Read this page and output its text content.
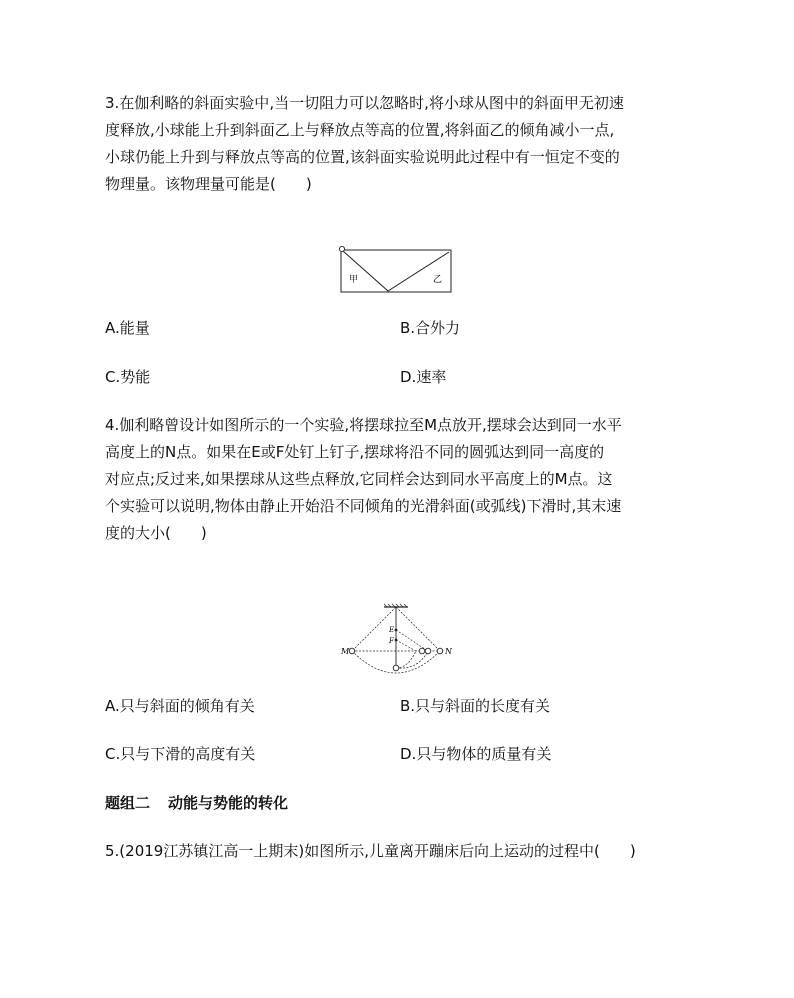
3.在伽利略的斜面实验中,当一切阻力可以忽略时,将小球从图中的斜面甲无初速
度释放,小球能上升到斜面乙上与释放点等高的位置,将斜面乙的倾角减小一点,
小球仍能上升到与释放点等高的位置,该斜面实验说明此过程中有一恒定不变的
物理量。该物理量可能是(　　)
甲	乙
A.能量	B.合外力
C.势能	D.速率
4.伽利略曾设计如图所示的一个实验,将摆球拉至M点放开,摆球会达到同一水平
高度上的N点。如果在E或F处钉上钉子,摆球将沿不同的圆弧达到同一高度的
对应点;反过来,如果摆球从这些点释放,它同样会达到同水平高度上的M点。这
个实验可以说明,物体由静止开始沿不同倾角的光滑斜面(或弧线)下滑时,其末速
度的大小(　　)
M	N
E
F
A.只与斜面的倾角有关	B.只与斜面的长度有关
C.只与下滑的高度有关	D.只与物体的质量有关
题组二 动能与势能的转化
5.(2019江苏镇江高一上期末)如图所示,儿童离开蹦床后向上运动的过程中(　　)
